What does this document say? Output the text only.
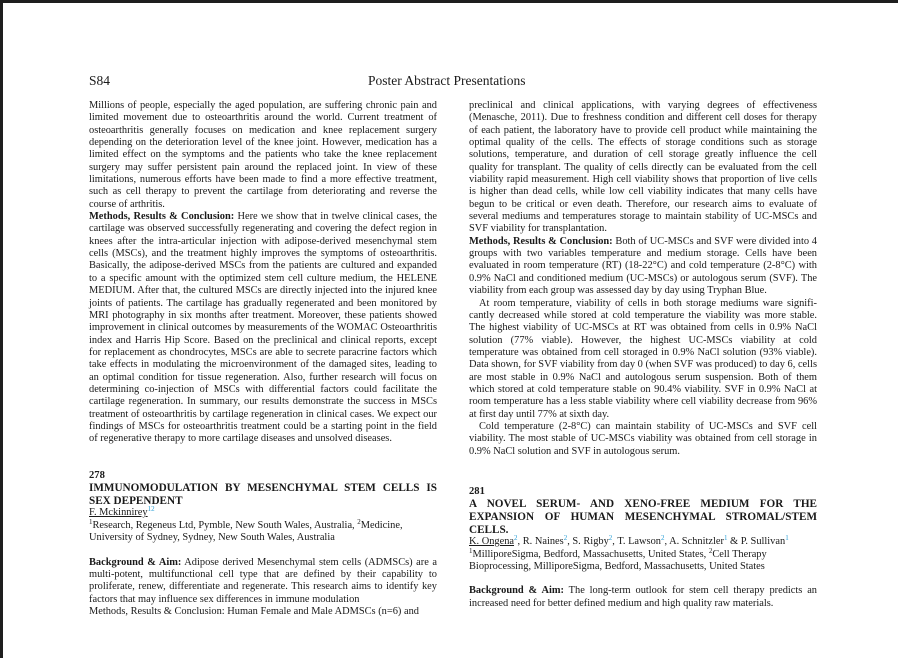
S84	Poster Abstract Presentations

Millions of people, especially the aged population, are suffering chronic pain and limited movement due to osteoarthritis around the world. Current treatment of osteoarthritis generally focuses on medication and knee replacement surgery depending on the deterioration level of the knee joint. However, medication has a limited effect on the symptoms and the patients who take the knee replacement surgery may suffer persistent pain around the replaced joint. In view of these limitations, numerous efforts have been made to find a more effective treatment, such as cell therapy to prevent the cartilage from deteriorating and reverse the course of arthritis.

Methods, Results & Conclusion: Here we show that in twelve clinical cases, the cartilage was observed successfully regenerating and covering the defect region in knees after the intra-articular injection with adipose-derived mesenchymal stem cells (MSCs), and the treatment highly improves the symptoms of osteoarthritis. Basically, the adipose-derived MSCs from the patients are cultured and expanded to a specific amount with the optimized stem cell culture medium, the HELENE MEDIUM. After that, the cultured MSCs are directly injected into the injured knee joints of patients. The cartilage has gradually regenerated and been monitored by MRI photography in six months after treatment. Moreover, these patients showed improvement in clinical outcomes by measurements of the WOMAC Osteoarthritis index and Harris Hip Score. Based on the preclinical and clinical reports, except for replacement as chondrocytes, MSCs are able to secrete paracrine factors which take effects in modulating the microenvironment of the damaged sites, leading to an optimal condition for tissue regeneration. Also, further research will focus on determining co-injection of MSCs with differential factors could facilitate the cartilage regeneration. In summary, our results demonstrate the success in MSCs treatment of osteoarthritis by cartilage regeneration in clinical cases. We expect our findings of MSCs for osteoarthritis treatment could be a starting point in the field of regenerative therapy to more cartilage diseases and unsolved diseases.

278
IMMUNOMODULATION BY MESENCHYMAL STEM CELLS IS SEX DEPENDENT
F. Mckinnirey$^{12}$
$^1$Research, Regeneus Ltd, Pymble, New South Wales, Australia, $^2$Medicine, University of Sydney, Sydney, New South Wales, Australia

Background & Aim: Adipose derived Mesenchymal stem cells (ADMSCs) are a multi-potent, multifunctional cell type that are defined by their capability to proliferate, renew, differentiate and regenerate. This research aims to identify key factors that may influence sex differences in immune modulation

Methods, Results & Conclusion: Human Female and Male ADMSCs (n=6) and

preclinical and clinical applications, with varying degrees of effectiveness (Menasche, 2011). Due to freshness condition and different cell doses for therapy of each patient, the laboratory have to provide cell product while maintaining the optimal quality of the cells. The effects of storage conditions such as storage solutions, temperature, and duration of cell storage greatly influence the cell quality for transplant. The quality of cells directly can be evaluated from the cell viability rapid measurement. High cell viability shows that proportion of live cells is higher than dead cells, while low cell viability indicates that many cells have begun to be critical or even death. Therefore, our research aims to evaluate of several mediums and temperatures storage to maintain stability of UC-MSCs and SVF viability for transplantation.

Methods, Results & Conclusion: Both of UC-MSCs and SVF were divided into 4 groups with two variables temperature and medium storage. Cells have been evaluated in room temperature (RT) (18-22°C) and cold temperature (2-8°C) with 0.9% NaCl and conditioned medium (UC-MSCs) or autologous serum (SVF). The viability from each group was assessed day by day using Tryphan Blue.

At room temperature, viability of cells in both storage mediums ware significantly decreased while stored at cold temperature the viability was more stable. The highest viability of UC-MSCs at RT was obtained from cells in 0.9% NaCl solution (77% viable). However, the highest UC-MSCs viability at cold temperature was obtained from cell storaged in 0.9% NaCl solution (93% viable). Data shown, for SVF viability from day 0 (when SVF was produced) to day 6, cells are most stable in 0.9% NaCl and autologous serum suspension. Both of them which stored at cold temperature stable on 90.4% viability. SVF in 0.9% NaCl at room temperature has a less stable viability where cell viability decrease from 96% at first day until 77% at sixth day.

Cold temperature (2-8°C) can maintain stability of UC-MSCs and SVF cell viability. The most stable of UC-MSCs viability was obtained from cell storage in 0.9% NaCl solution and SVF in autologous serum.

281
A NOVEL SERUM- AND XENO-FREE MEDIUM FOR THE EXPANSION OF HUMAN MESENCHYMAL STROMAL/STEM CELLS.
K. Ongena$^2$, R. Naines$^2$, S. Rigby$^2$, T. Lawson$^2$, A. Schnitzler$^1$ & P. Sullivan$^1$
$^1$MilliporeSigma, Bedford, Massachusetts, United States, $^2$Cell Therapy Bioprocessing, MilliporeSigma, Bedford, Massachusetts, United States

Background & Aim: The long-term outlook for stem cell therapy predicts an increased need for better defined medium and high quality raw materials.
